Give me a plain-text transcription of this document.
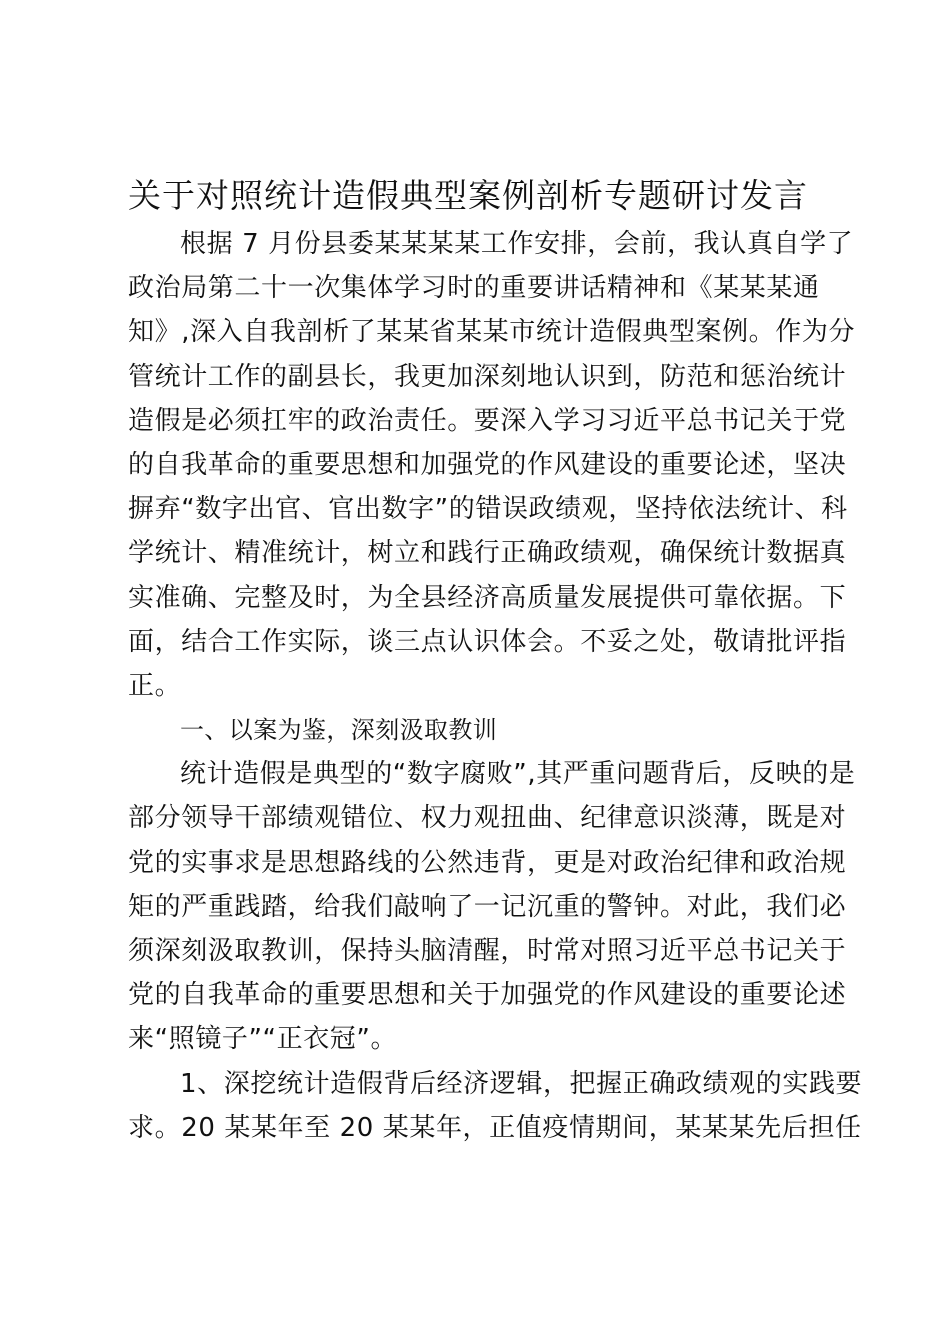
关于对照统计造假典型案例剖析专题研讨发言
根据 7 月份县委某某某某工作安排，会前，我认真自学了
政治局第二十一次集体学习时的重要讲话精神和《某某某通
知》,深入自我剖析了某某省某某市统计造假典型案例。作为分
管统计工作的副县长，我更加深刻地认识到，防范和惩治统计
造假是必须扛牢的政治责任。要深入学习习近平总书记关于党
的自我革命的重要思想和加强党的作风建设的重要论述，坚决
摒弃“数字出官、官出数字”的错误政绩观，坚持依法统计、科
学统计、精准统计，树立和践行正确政绩观，确保统计数据真
实准确、完整及时，为全县经济高质量发展提供可靠依据。下
面，结合工作实际，谈三点认识体会。不妥之处，敬请批评指
正。
一、以案为鉴，深刻汲取教训
统计造假是典型的“数字腐败”,其严重问题背后，反映的是
部分领导干部绩观错位、权力观扭曲、纪律意识淡薄，既是对
党的实事求是思想路线的公然违背，更是对政治纪律和政治规
矩的严重践踏，给我们敲响了一记沉重的警钟。对此，我们必
须深刻汲取教训，保持头脑清醒，时常对照习近平总书记关于
党的自我革命的重要思想和关于加强党的作风建设的重要论述
来“照镜子”“正衣冠”。
1、深挖统计造假背后经济逻辑，把握正确政绩观的实践要
求。20 某某年至 20 某某年，正值疫情期间，某某某先后担任
